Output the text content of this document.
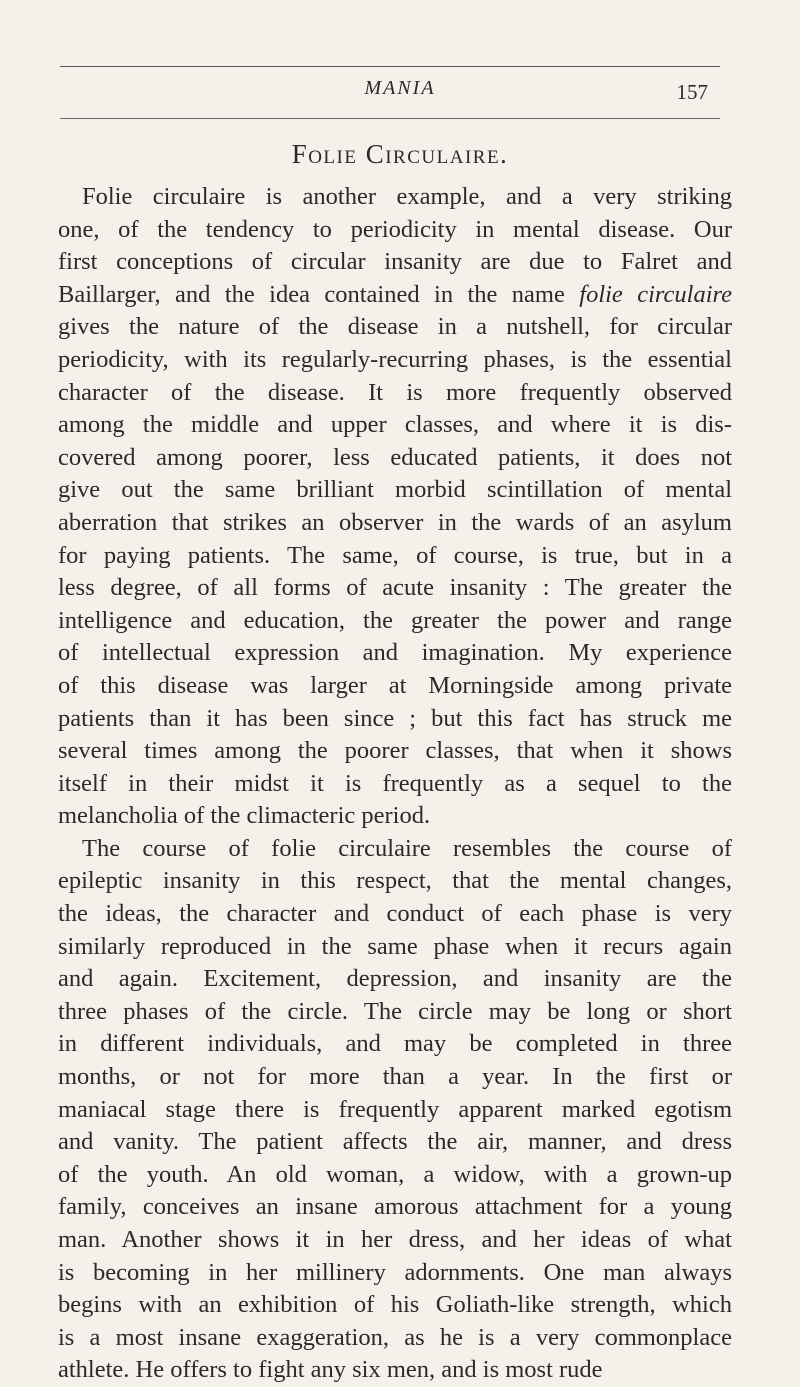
MANIA	157
Folie Circulaire.
Folie circulaire is another example, and a very striking
one, of the tendency to periodicity in mental disease. Our
first conceptions of circular insanity are due to Falret and
Baillarger, and the idea contained in the name folie circulaire
gives the nature of the disease in a nutshell, for circular
periodicity, with its regularly-recurring phases, is the essential
character of the disease. It is more frequently observed
among the middle and upper classes, and where it is dis-
covered among poorer, less educated patients, it does not
give out the same brilliant morbid scintillation of mental
aberration that strikes an observer in the wards of an asylum
for paying patients. The same, of course, is true, but in a
less degree, of all forms of acute insanity : The greater the
intelligence and education, the greater the power and range
of intellectual expression and imagination. My experience
of this disease was larger at Morningside among private
patients than it has been since ; but this fact has struck me
several times among the poorer classes, that when it shows
itself in their midst it is frequently as a sequel to the
melancholia of the climacteric period.
The course of folie circulaire resembles the course of
epileptic insanity in this respect, that the mental changes,
the ideas, the character and conduct of each phase is very
similarly reproduced in the same phase when it recurs again
and again. Excitement, depression, and insanity are the
three phases of the circle. The circle may be long or short
in different individuals, and may be completed in three
months, or not for more than a year. In the first or
maniacal stage there is frequently apparent marked egotism
and vanity. The patient affects the air, manner, and dress
of the youth. An old woman, a widow, with a grown-up
family, conceives an insane amorous attachment for a young
man. Another shows it in her dress, and her ideas of what
is becoming in her millinery adornments. One man always
begins with an exhibition of his Goliath-like strength, which
is a most insane exaggeration, as he is a very commonplace
athlete. He offers to fight any six men, and is most rude
